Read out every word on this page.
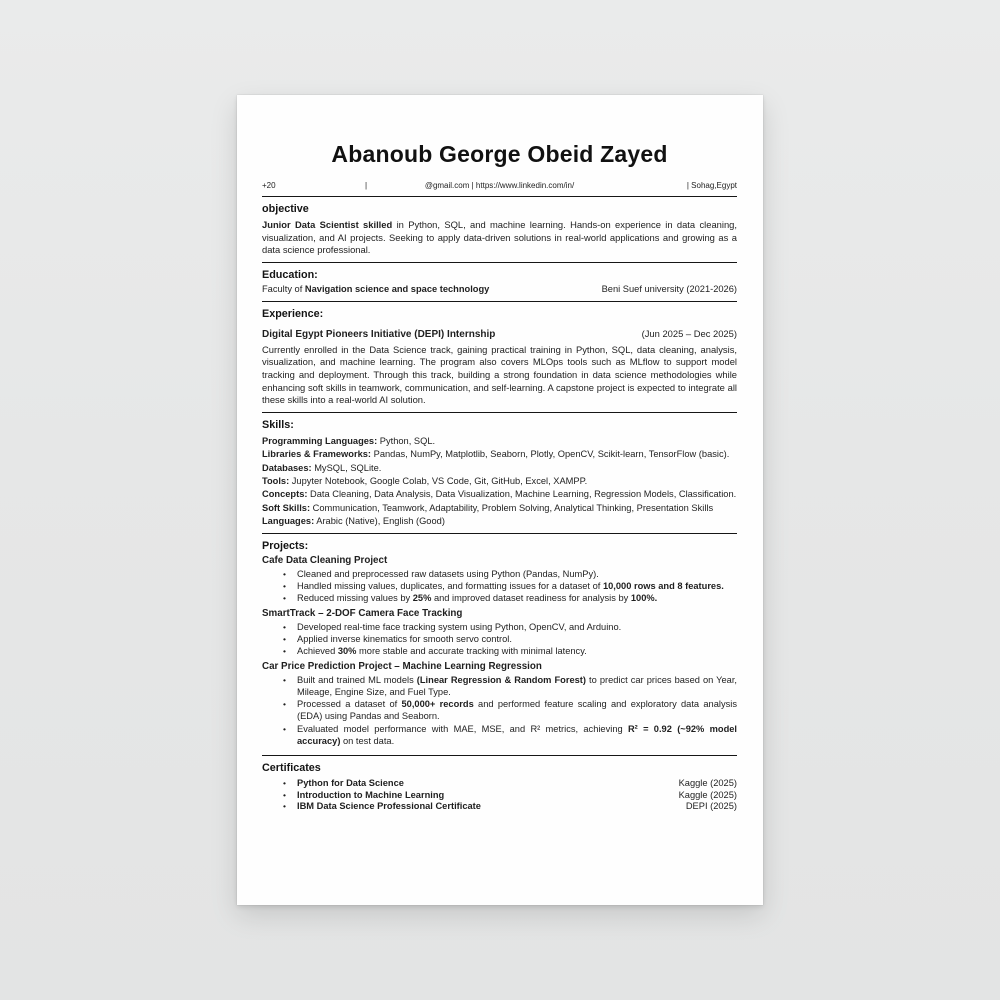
Abanoub George Obeid Zayed
+20	|	@gmail.com | https://www.linkedin.com/in/	| Sohag,Egypt
objective

Junior Data Scientist skilled in Python, SQL, and machine learning. Hands-on experience in data cleaning, visualization, and AI projects. Seeking to apply data-driven solutions in real-world applications and growing as a data science professional.

Education:
Faculty of Navigation science and space technology	Beni Suef university (2021-2026)
Experience:
Digital Egypt Pioneers Initiative (DEPI) Internship	(Jun 2025 – Dec 2025)

Currently enrolled in the Data Science track, gaining practical training in Python, SQL, data cleaning, analysis, visualization, and machine learning. The program also covers MLOps tools such as MLflow to support model tracking and deployment. Through this track, building a strong foundation in data science methodologies while enhancing soft skills in teamwork, communication, and self-learning. A capstone project is expected to integrate all these skills into a real-world AI solution.

Skills:

Programming Languages: Python, SQL.

Libraries & Frameworks: Pandas, NumPy, Matplotlib, Seaborn, Plotly, OpenCV, Scikit-learn, TensorFlow (basic).

Databases: MySQL, SQLite.

Tools: Jupyter Notebook, Google Colab, VS Code, Git, GitHub, Excel, XAMPP.

Concepts: Data Cleaning, Data Analysis, Data Visualization, Machine Learning, Regression Models, Classification.

Soft Skills: Communication, Teamwork, Adaptability, Problem Solving, Analytical Thinking, Presentation Skills

Languages: Arabic (Native), English (Good)

Projects:
Cafe Data Cleaning Project
•	Cleaned and preprocessed raw datasets using Python (Pandas, NumPy).
•	Handled missing values, duplicates, and formatting issues for a dataset of 10,000 rows and 8 features.
•	Reduced missing values by 25% and improved dataset readiness for analysis by 100%.
SmartTrack – 2-DOF Camera Face Tracking
•	Developed real-time face tracking system using Python, OpenCV, and Arduino.
•	Applied inverse kinematics for smooth servo control.
•	Achieved 30% more stable and accurate tracking with minimal latency.
Car Price Prediction Project – Machine Learning Regression
•	Built and trained ML models (Linear Regression & Random Forest) to predict car prices based on Year, Mileage, Engine Size, and Fuel Type.
•	Processed a dataset of 50,000+ records and performed feature scaling and exploratory data analysis (EDA) using Pandas and Seaborn.
•	Evaluated model performance with MAE, MSE, and R² metrics, achieving R² = 0.92 (~92% model accuracy) on test data.
Certificates
•	Python for Data Science	Kaggle (2025)
•	Introduction to Machine Learning	Kaggle (2025)
•	IBM Data Science Professional Certificate	DEPI (2025)
